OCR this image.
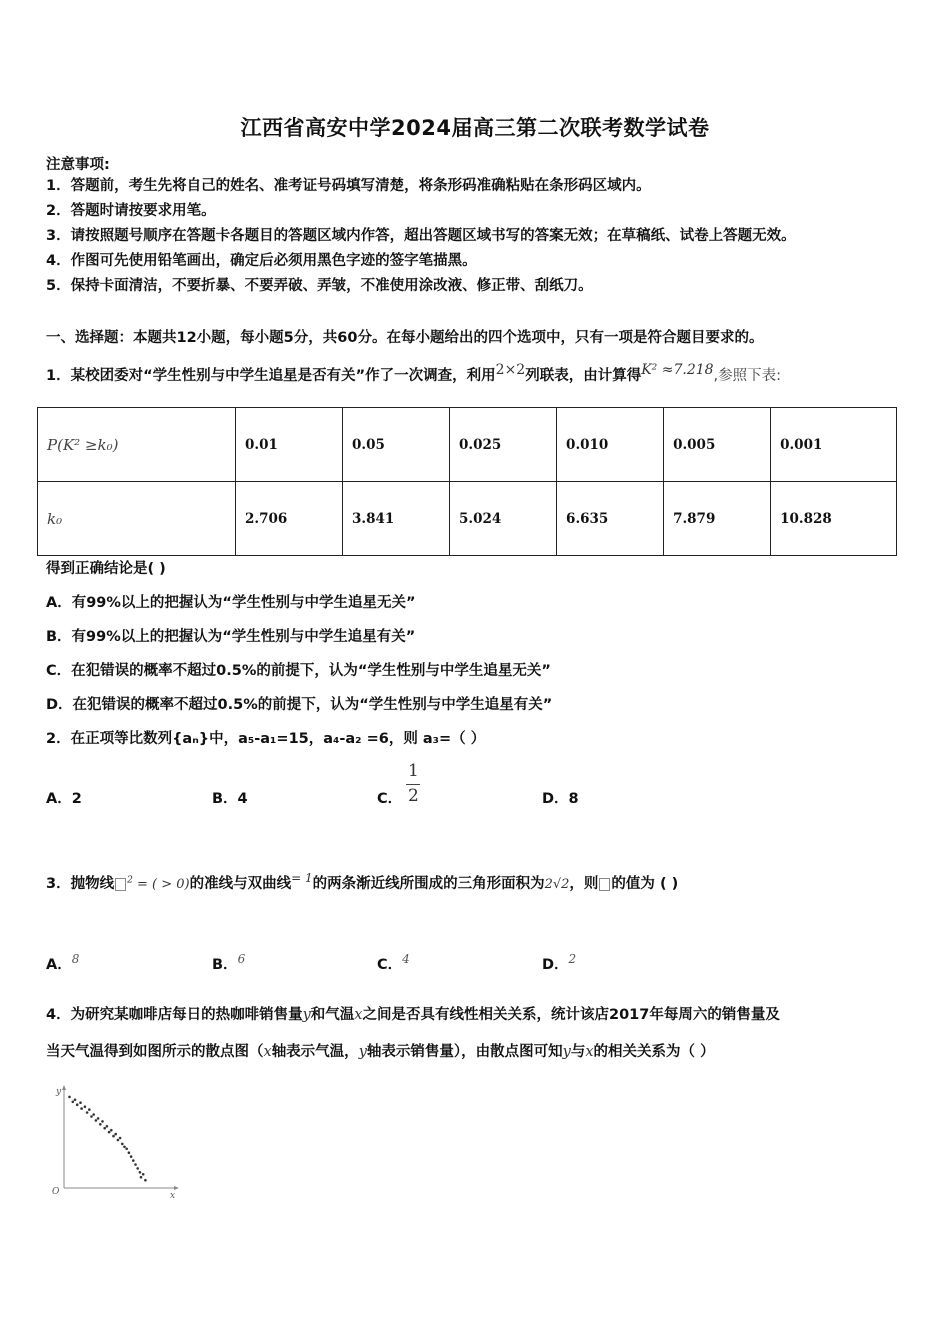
江西省高安中学2024届高三第二次联考数学试卷
注意事项:
1．答题前，考生先将自己的姓名、准考证号码填写清楚，将条形码准确粘贴在条形码区域内。
2．答题时请按要求用笔。
3．请按照题号顺序在答题卡各题目的答题区域内作答，超出答题区域书写的答案无效；在草稿纸、试卷上答题无效。
4．作图可先使用铅笔画出，确定后必须用黑色字迹的签字笔描黑。
5．保持卡面清洁，不要折暴、不要弄破、弄皱，不准使用涂改液、修正带、刮纸刀。
一、选择题：本题共12小题，每小题5分，共60分。在每小题给出的四个选项中，只有一项是符合题目要求的。
1．某校团委对“学生性别与中学生追星是否有关”作了一次调查，利用2×2列联表，由计算得K² ≈7.218,参照下表:
P(K² ≥k₀)	0.01	0.05	0.025	0.010	0.005	0.001
k₀	2.706	3.841	5.024	6.635	7.879	10.828
得到正确结论是( )
A．有99%以上的把握认为“学生性别与中学生追星无关”
B．有99%以上的把握认为“学生性别与中学生追星有关”
C．在犯错误的概率不超过0.5%的前提下，认为“学生性别与中学生追星无关”
D．在犯错误的概率不超过0.5%的前提下，认为“学生性别与中学生追星有关”
2．在正项等比数列{aₙ}中，a₅-a₁=15，a₄-a₂ =6，则 a₃=（ ）
A．2	B．4	C．
1
2	D．8
3．抛物线 $^2$ = ( > 0)的准线与双曲线$^{= 1}$的两条渐近线所围成的三角形面积为2√2，则 的值为 ( )
A．$^8$	B．$^6$	C．$^4$	D．$^2$
4．为研究某咖啡店每日的热咖啡销售量y和气温x之间是否具有线性相关关系，统计该店2017年每周六的销售量及
当天气温得到如图所示的散点图（x轴表示气温，y轴表示销售量），由散点图可知y与x的相关关系为（ ）
y
x
O
